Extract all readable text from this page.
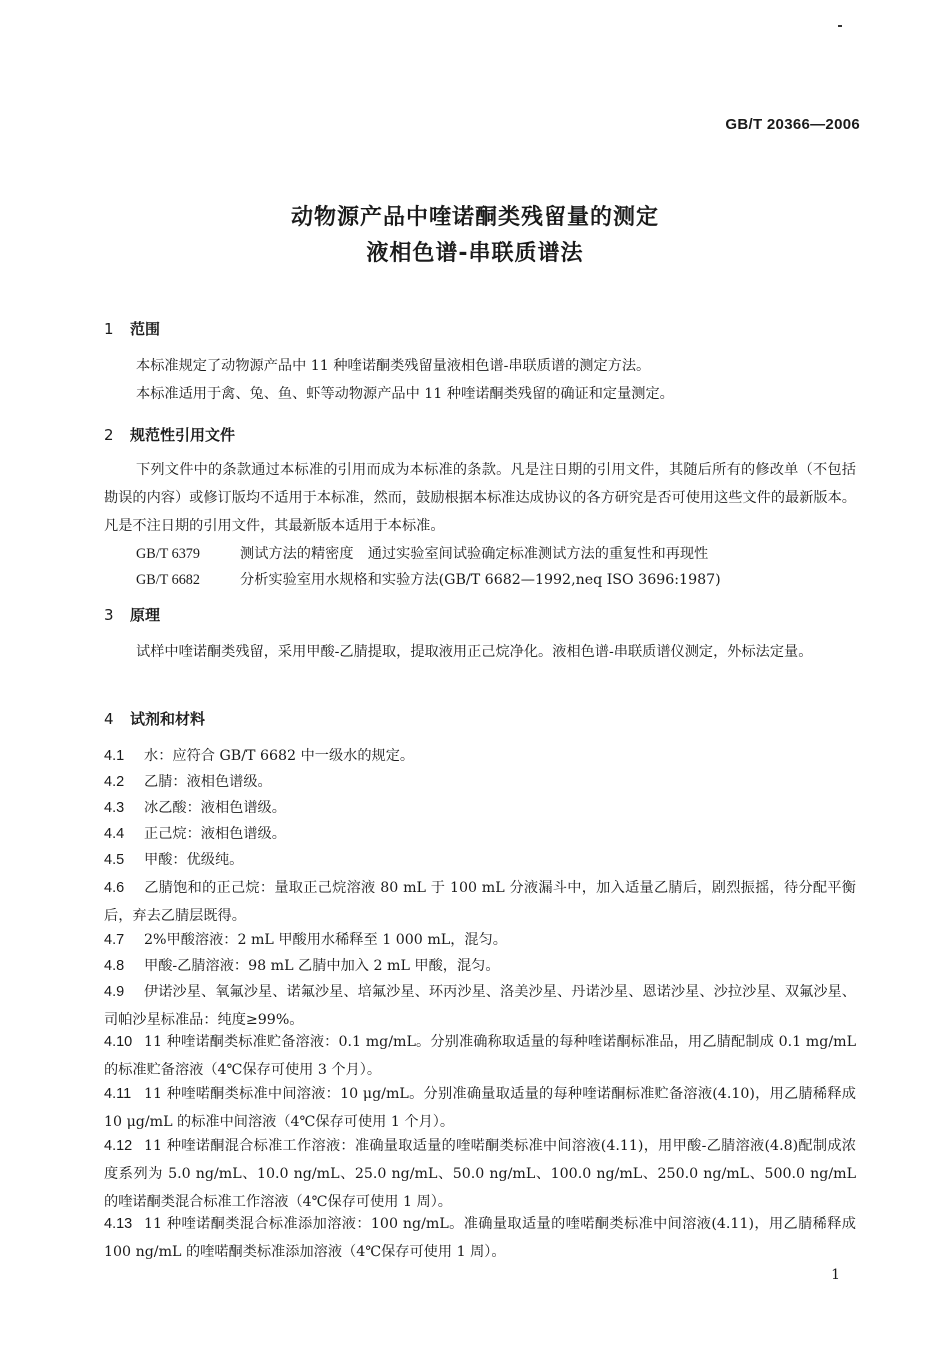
GB/T 20366—2006
动物源产品中喹诺酮类残留量的测定
液相色谱-串联质谱法
1 范围
本标准规定了动物源产品中 11 种喹诺酮类残留量液相色谱-串联质谱的测定方法。
本标准适用于禽、兔、鱼、虾等动物源产品中 11 种喹诺酮类残留的确证和定量测定。
2 规范性引用文件
下列文件中的条款通过本标准的引用而成为本标准的条款。凡是注日期的引用文件，其随后所有的修改单（不包括勘误的内容）或修订版均不适用于本标准，然而，鼓励根据本标准达成协议的各方研究是否可使用这些文件的最新版本。凡是不注日期的引用文件，其最新版本适用于本标准。
GB/T 6379	测试方法的精密度　通过实验室间试验确定标准测试方法的重复性和再现性
GB/T 6682	分析实验室用水规格和实验方法(GB/T 6682—1992,neq ISO 3696:1987)
3 原理
试样中喹诺酮类残留，采用甲酸-乙腈提取，提取液用正己烷净化。液相色谱-串联质谱仪测定，外标法定量。
4 试剂和材料
4.1 水：应符合 GB/T 6682 中一级水的规定。
4.2 乙腈：液相色谱级。
4.3 冰乙酸：液相色谱级。
4.4 正己烷：液相色谱级。
4.5 甲酸：优级纯。
4.6 乙腈饱和的正己烷：量取正己烷溶液 80 mL 于 100 mL 分液漏斗中，加入适量乙腈后，剧烈振摇，待分配平衡后，弃去乙腈层既得。
4.7 2%甲酸溶液：2 mL 甲酸用水稀释至 1 000 mL，混匀。
4.8 甲酸-乙腈溶液：98 mL 乙腈中加入 2 mL 甲酸，混匀。
4.9 伊诺沙星、氧氟沙星、诺氟沙星、培氟沙星、环丙沙星、洛美沙星、丹诺沙星、恩诺沙星、沙拉沙星、双氟沙星、司帕沙星标准品：纯度≥99%。
4.10 11 种喹诺酮类标准贮备溶液：0.1 mg/mL。分别准确称取适量的每种喹诺酮标准品，用乙腈配制成 0.1 mg/mL 的标准贮备溶液（4℃保存可使用 3 个月）。
4.11 11 种喹喏酮类标准中间溶液：10 μg/mL。分别准确量取适量的每种喹诺酮标准贮备溶液(4.10)，用乙腈稀释成 10 μg/mL 的标准中间溶液（4℃保存可使用 1 个月）。
4.12 11 种喹诺酮混合标准工作溶液：准确量取适量的喹喏酮类标准中间溶液(4.11)，用甲酸-乙腈溶液(4.8)配制成浓度系列为 5.0 ng/mL、10.0 ng/mL、25.0 ng/mL、50.0 ng/mL、100.0 ng/mL、250.0 ng/mL、500.0 ng/mL 的喹诺酮类混合标准工作溶液（4℃保存可使用 1 周）。
4.13 11 种喹诺酮类混合标准添加溶液：100 ng/mL。准确量取适量的喹喏酮类标准中间溶液(4.11)，用乙腈稀释成 100 ng/mL 的喹喏酮类标准添加溶液（4℃保存可使用 1 周）。
1
